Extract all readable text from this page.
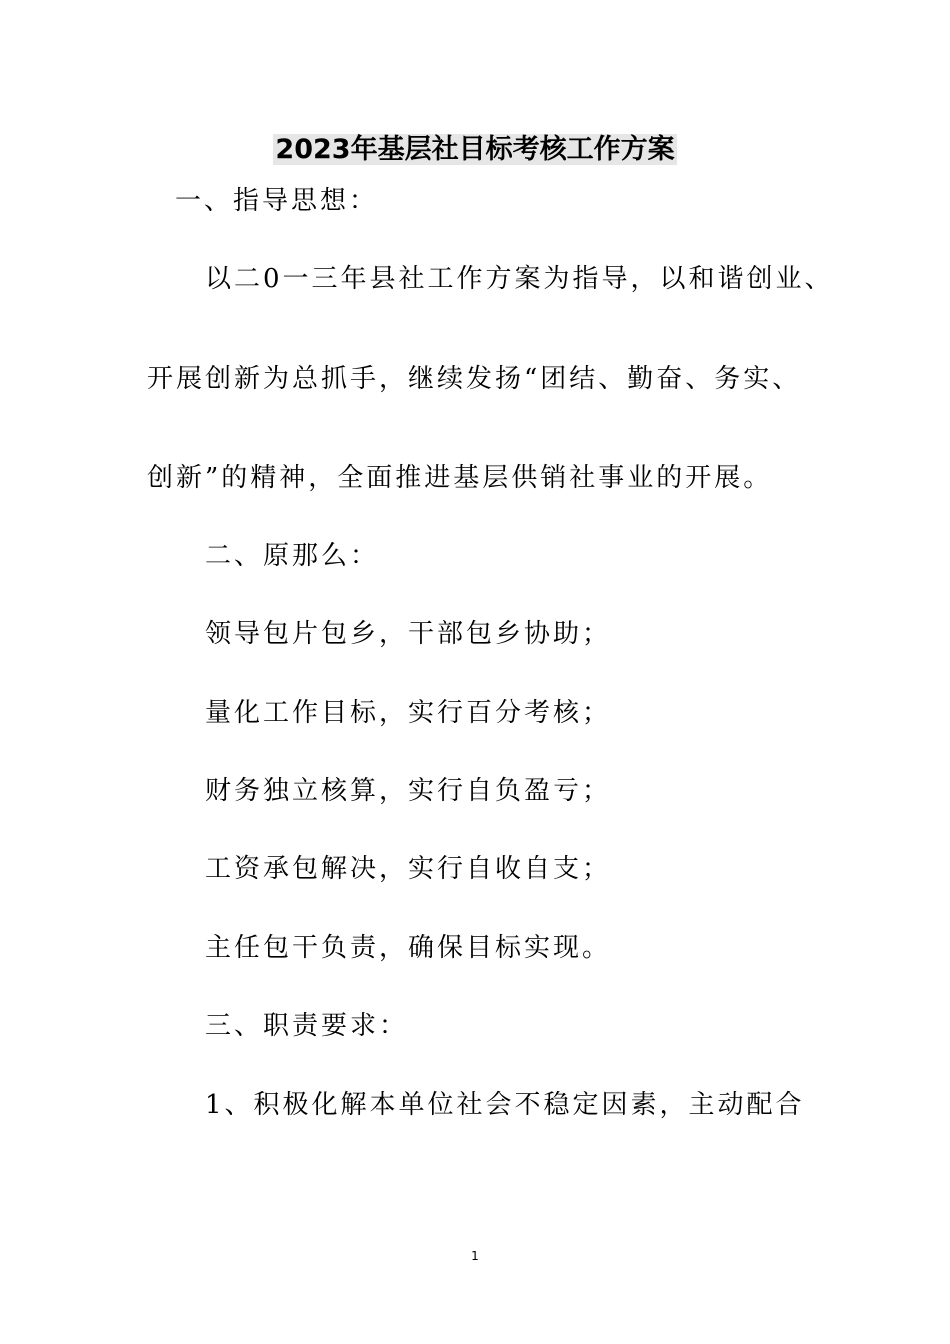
2023年基层社目标考核工作方案
一、指导思想：
以二0一三年县社工作方案为指导，以和谐创业、
开展创新为总抓手，继续发扬“团结、勤奋、务实、
创新”的精神，全面推进基层供销社事业的开展。
二、原那么：
领导包片包乡，干部包乡协助；
量化工作目标，实行百分考核；
财务独立核算，实行自负盈亏；
工资承包解决，实行自收自支；
主任包干负责，确保目标实现。
三、职责要求：
1、积极化解本单位社会不稳定因素，主动配合
1
